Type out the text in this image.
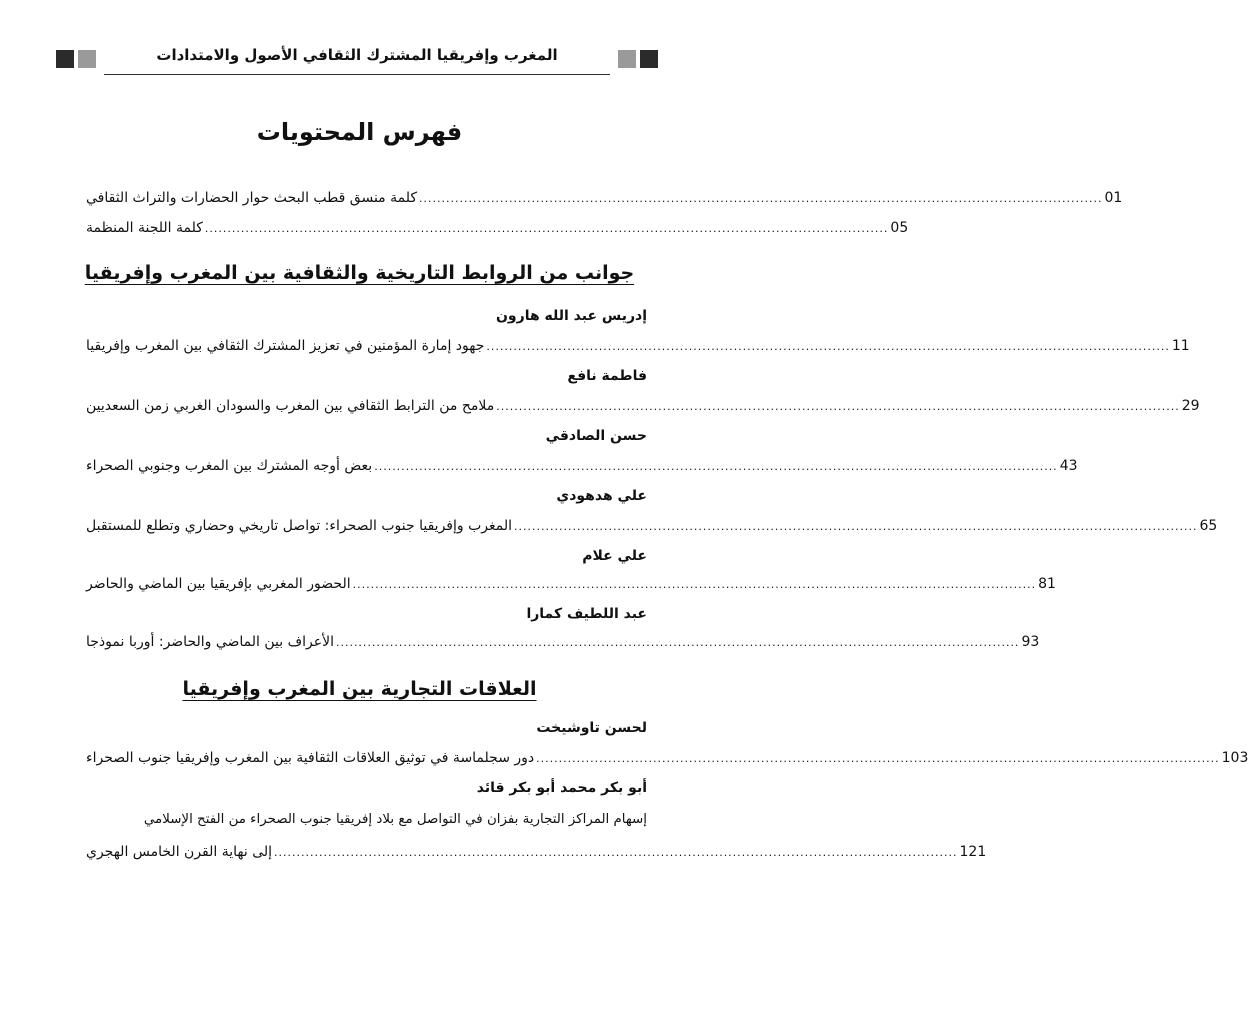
المغرب وإفريقيا المشترك الثقافي الأصول والامتدادات
فهرس المحتويات
كلمة منسق قطب البحث حوار الحضارات والتراث الثقافي ........................................................................................................................................................ 01
كلمة اللجنة المنظمة ........................................................................................................................................................ 05
جوانب من الروابط التاريخية والثقافية بين المغرب وإفريقيا
إدريس عبد الله هارون
جهود إمارة المؤمنين في تعزيز المشترك الثقافي بين المغرب وإفريقيا ........................................................................................................................................................ 11
فاطمة نافع
ملامح من الترابط الثقافي بين المغرب والسودان الغربي زمن السعديين ........................................................................................................................................................ 29
حسن الصادقي
بعض أوجه المشترك بين المغرب وجنوبي الصحراء ........................................................................................................................................................ 43
علي هدهودي
المغرب وإفريقيا جنوب الصحراء: تواصل تاريخي وحضاري وتطلع للمستقبل ........................................................................................................................................................ 65
علي علام
الحضور المغربي بإفريقيا بين الماضي والحاضر ........................................................................................................................................................ 81
عبد اللطيف كمارا
الأعراف بين الماضي والحاضر: أوربا نموذجا ........................................................................................................................................................ 93
العلاقات التجارية بين المغرب وإفريقيا
لحسن تاوشيخت
دور سجلماسة في توثيق العلاقات الثقافية بين المغرب وإفريقيا جنوب الصحراء ........................................................................................................................................................ 103
أبو بكر محمد أبو بكر قائد
إسهام المراكز التجارية بفزان في التواصل مع بلاد إفريقيا جنوب الصحراء من الفتح الإسلامي
إلى نهاية القرن الخامس الهجري ........................................................................................................................................................ 121
